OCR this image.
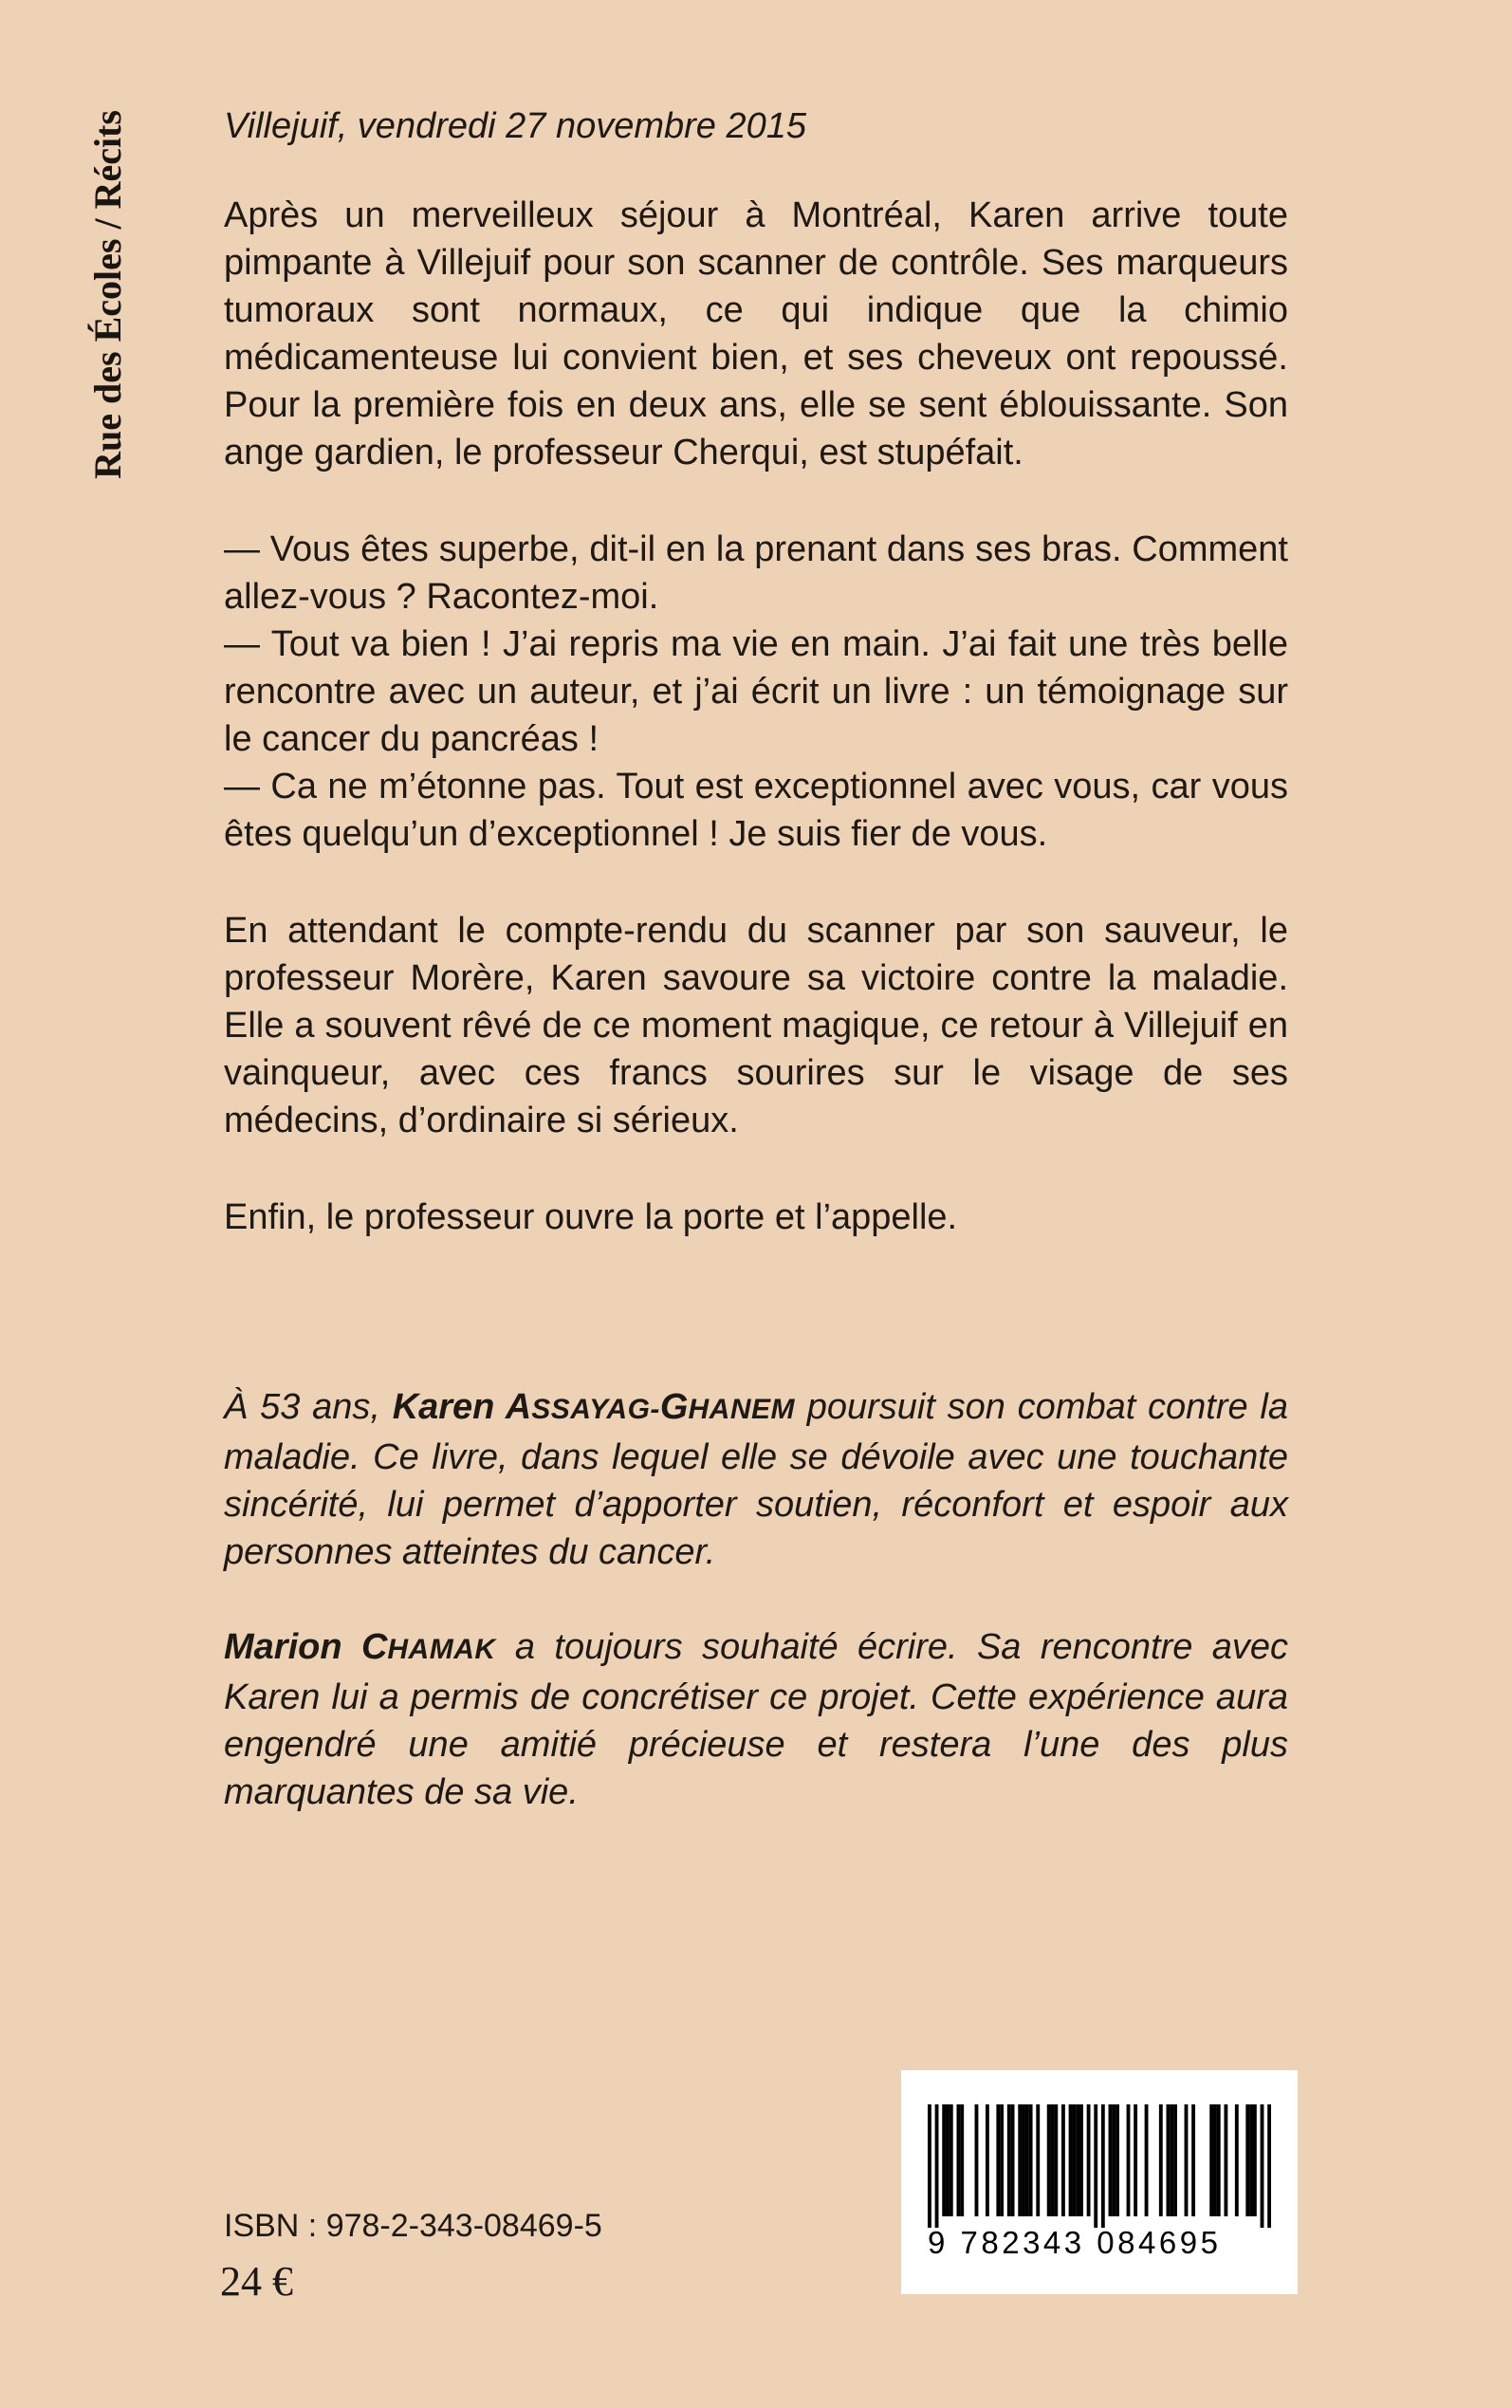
Rue des Écoles / Récits	Villejuif, vendredi 27 novembre 2015

Après un merveilleux séjour à Montréal, Karen arrive toute pimpante à Villejuif pour son scanner de contrôle. Ses marqueurs tumoraux sont normaux, ce qui indique que la chimio médicamenteuse lui convient bien, et ses cheveux ont repoussé. Pour la première fois en deux ans, elle se sent éblouissante. Son ange gardien, le professeur Cherqui, est stupéfait.

— Vous êtes superbe, dit-il en la prenant dans ses bras. Comment allez-vous ? Racontez-moi.

— Tout va bien ! J’ai repris ma vie en main. J’ai fait une très belle rencontre avec un auteur, et j’ai écrit un livre : un témoignage sur le cancer du pancréas !

— Ca ne m’étonne pas. Tout est exceptionnel avec vous, car vous êtes quelqu’un d’exceptionnel ! Je suis fier de vous.

En attendant le compte-rendu du scanner par son sauveur, le professeur Morère, Karen savoure sa victoire contre la maladie. Elle a souvent rêvé de ce moment magique, ce retour à Villejuif en vainqueur, avec ces francs sourires sur le visage de ses médecins, d’ordinaire si sérieux.

Enfin, le professeur ouvre la porte et l’appelle.

À 53 ans, Karen ASSAYAG-GHANEM poursuit son combat contre la maladie. Ce livre, dans lequel elle se dévoile avec une touchante sincérité, lui permet d’apporter soutien, réconfort et espoir aux personnes atteintes du cancer.

Marion CHAMAK a toujours souhaité écrire. Sa rencontre avec Karen lui a permis de concrétiser ce projet. Cette expérience aura engendré une amitié précieuse et restera l’une des plus marquantes de sa vie.

ISBN : 978-2-343-08469-5
24 €
9 782343 084695
